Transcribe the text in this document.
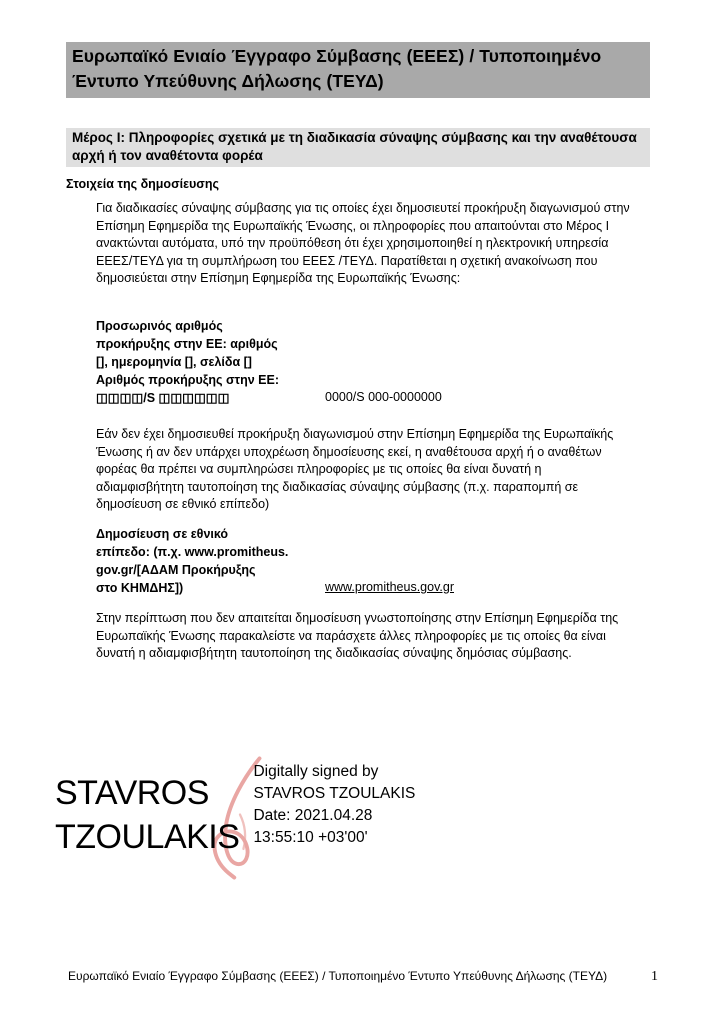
Ευρωπαϊκό Ενιαίο Έγγραφο Σύμβασης (ΕΕΕΣ) / Τυποποιημένο Έντυπο Υπεύθυνης Δήλωσης (ΤΕΥΔ)
Μέρος Ι: Πληροφορίες σχετικά με τη διαδικασία σύναψης σύμβασης και την αναθέτουσα αρχή ή τον αναθέτοντα φορέα
Στοιχεία της δημοσίευσης
Για διαδικασίες σύναψης σύμβασης για τις οποίες έχει δημοσιευτεί προκήρυξη διαγωνισμού στην Επίσημη Εφημερίδα της Ευρωπαϊκής Ένωσης, οι πληροφορίες που απαιτούνται στο Μέρος Ι ανακτώνται αυτόματα, υπό την προϋπόθεση ότι έχει χρησιμοποιηθεί η ηλεκτρονική υπηρεσία ΕΕΕΣ/ΤΕΥΔ για τη συμπλήρωση του ΕΕΕΣ /ΤΕΥΔ. Παρατίθεται η σχετική ανακοίνωση που δημοσιεύεται στην Επίσημη Εφημερίδα της Ευρωπαϊκής Ένωσης:
Προσωρινός αριθμός
προκήρυξης στην ΕΕ: αριθμός
[], ημερομηνία [], σελίδα []
Αριθμός προκήρυξης στην ΕΕ:
◫◫◫◫/S ◫◫◫◫◫◫	0000/S 000-0000000
Εάν δεν έχει δημοσιευθεί προκήρυξη διαγωνισμού στην Επίσημη Εφημερίδα της Ευρωπαϊκής Ένωσης ή αν δεν υπάρχει υποχρέωση δημοσίευσης εκεί, η αναθέτουσα αρχή ή ο αναθέτων φορέας θα πρέπει να συμπληρώσει πληροφορίες με τις οποίες θα είναι δυνατή η αδιαμφισβήτητη ταυτοποίηση της διαδικασίας σύναψης σύμβασης (π.χ. παραπομπή σε δημοσίευση σε εθνικό επίπεδο)
Δημοσίευση σε εθνικό
επίπεδο: (π.χ. www.promitheus.
gov.gr/[ΑΔΑΜ Προκήρυξης
στο ΚΗΜΔΗΣ])	www.promitheus.gov.gr
Στην περίπτωση που δεν απαιτείται δημοσίευση γνωστοποίησης στην Επίσημη Εφημερίδα της Ευρωπαϊκής Ένωσης παρακαλείστε να παράσχετε άλλες πληροφορίες με τις οποίες θα είναι δυνατή η αδιαμφισβήτητη ταυτοποίηση της διαδικασίας σύναψης δημόσιας σύμβασης.
STAVROS
TZOULAKIS
Digitally signed by
STAVROS TZOULAKIS
Date: 2021.04.28
13:55:10 +03'00'
Ευρωπαϊκό Ενιαίο Έγγραφο Σύμβασης (ΕΕΕΣ) / Τυποποιημένο Έντυπο Υπεύθυνης Δήλωσης (ΤΕΥΔ)	1
